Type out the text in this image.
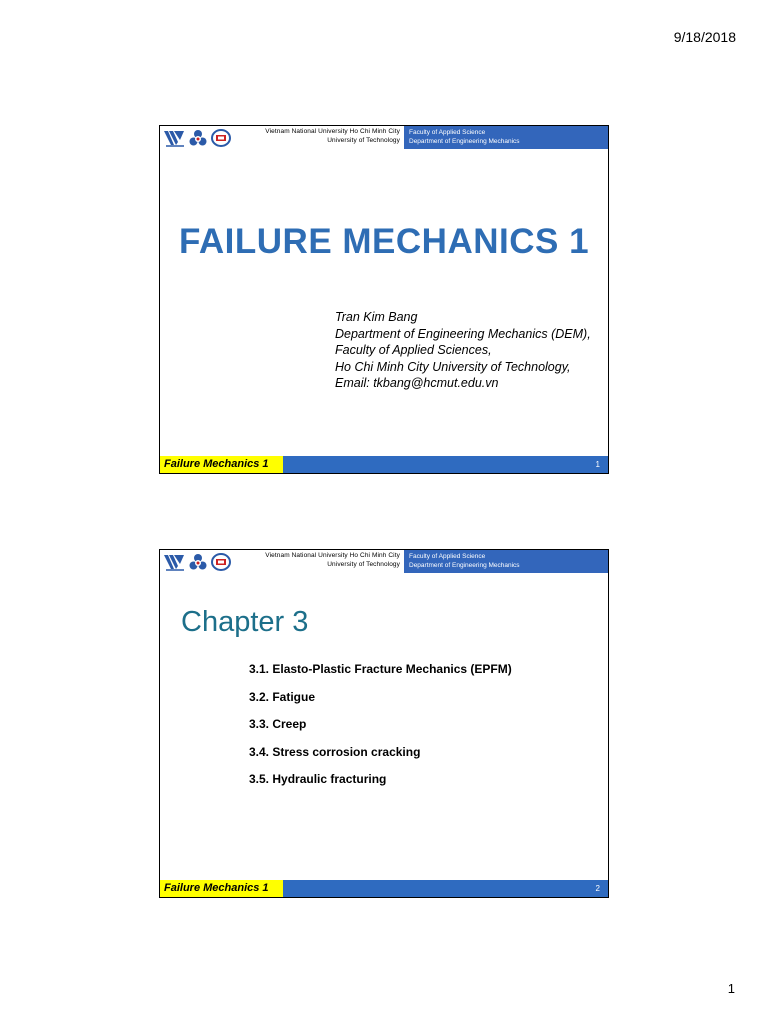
9/18/2018
Vietnam National University Ho Chi Minh City
University of Technology
Faculty of Applied Science
Department of Engineering Mechanics
FAILURE MECHANICS 1
Tran Kim Bang
Department of Engineering Mechanics (DEM),
Faculty of Applied Sciences,
Ho Chi Minh City University of Technology,
Email: tkbang@hcmut.edu.vn
Failure Mechanics 1	1
Vietnam National University Ho Chi Minh City
University of Technology
Faculty of Applied Science
Department of Engineering Mechanics
Chapter 3
3.1. Elasto-Plastic Fracture Mechanics (EPFM)
3.2. Fatigue
3.3. Creep
3.4. Stress corrosion cracking
3.5. Hydraulic fracturing
Failure Mechanics 1	2
1
